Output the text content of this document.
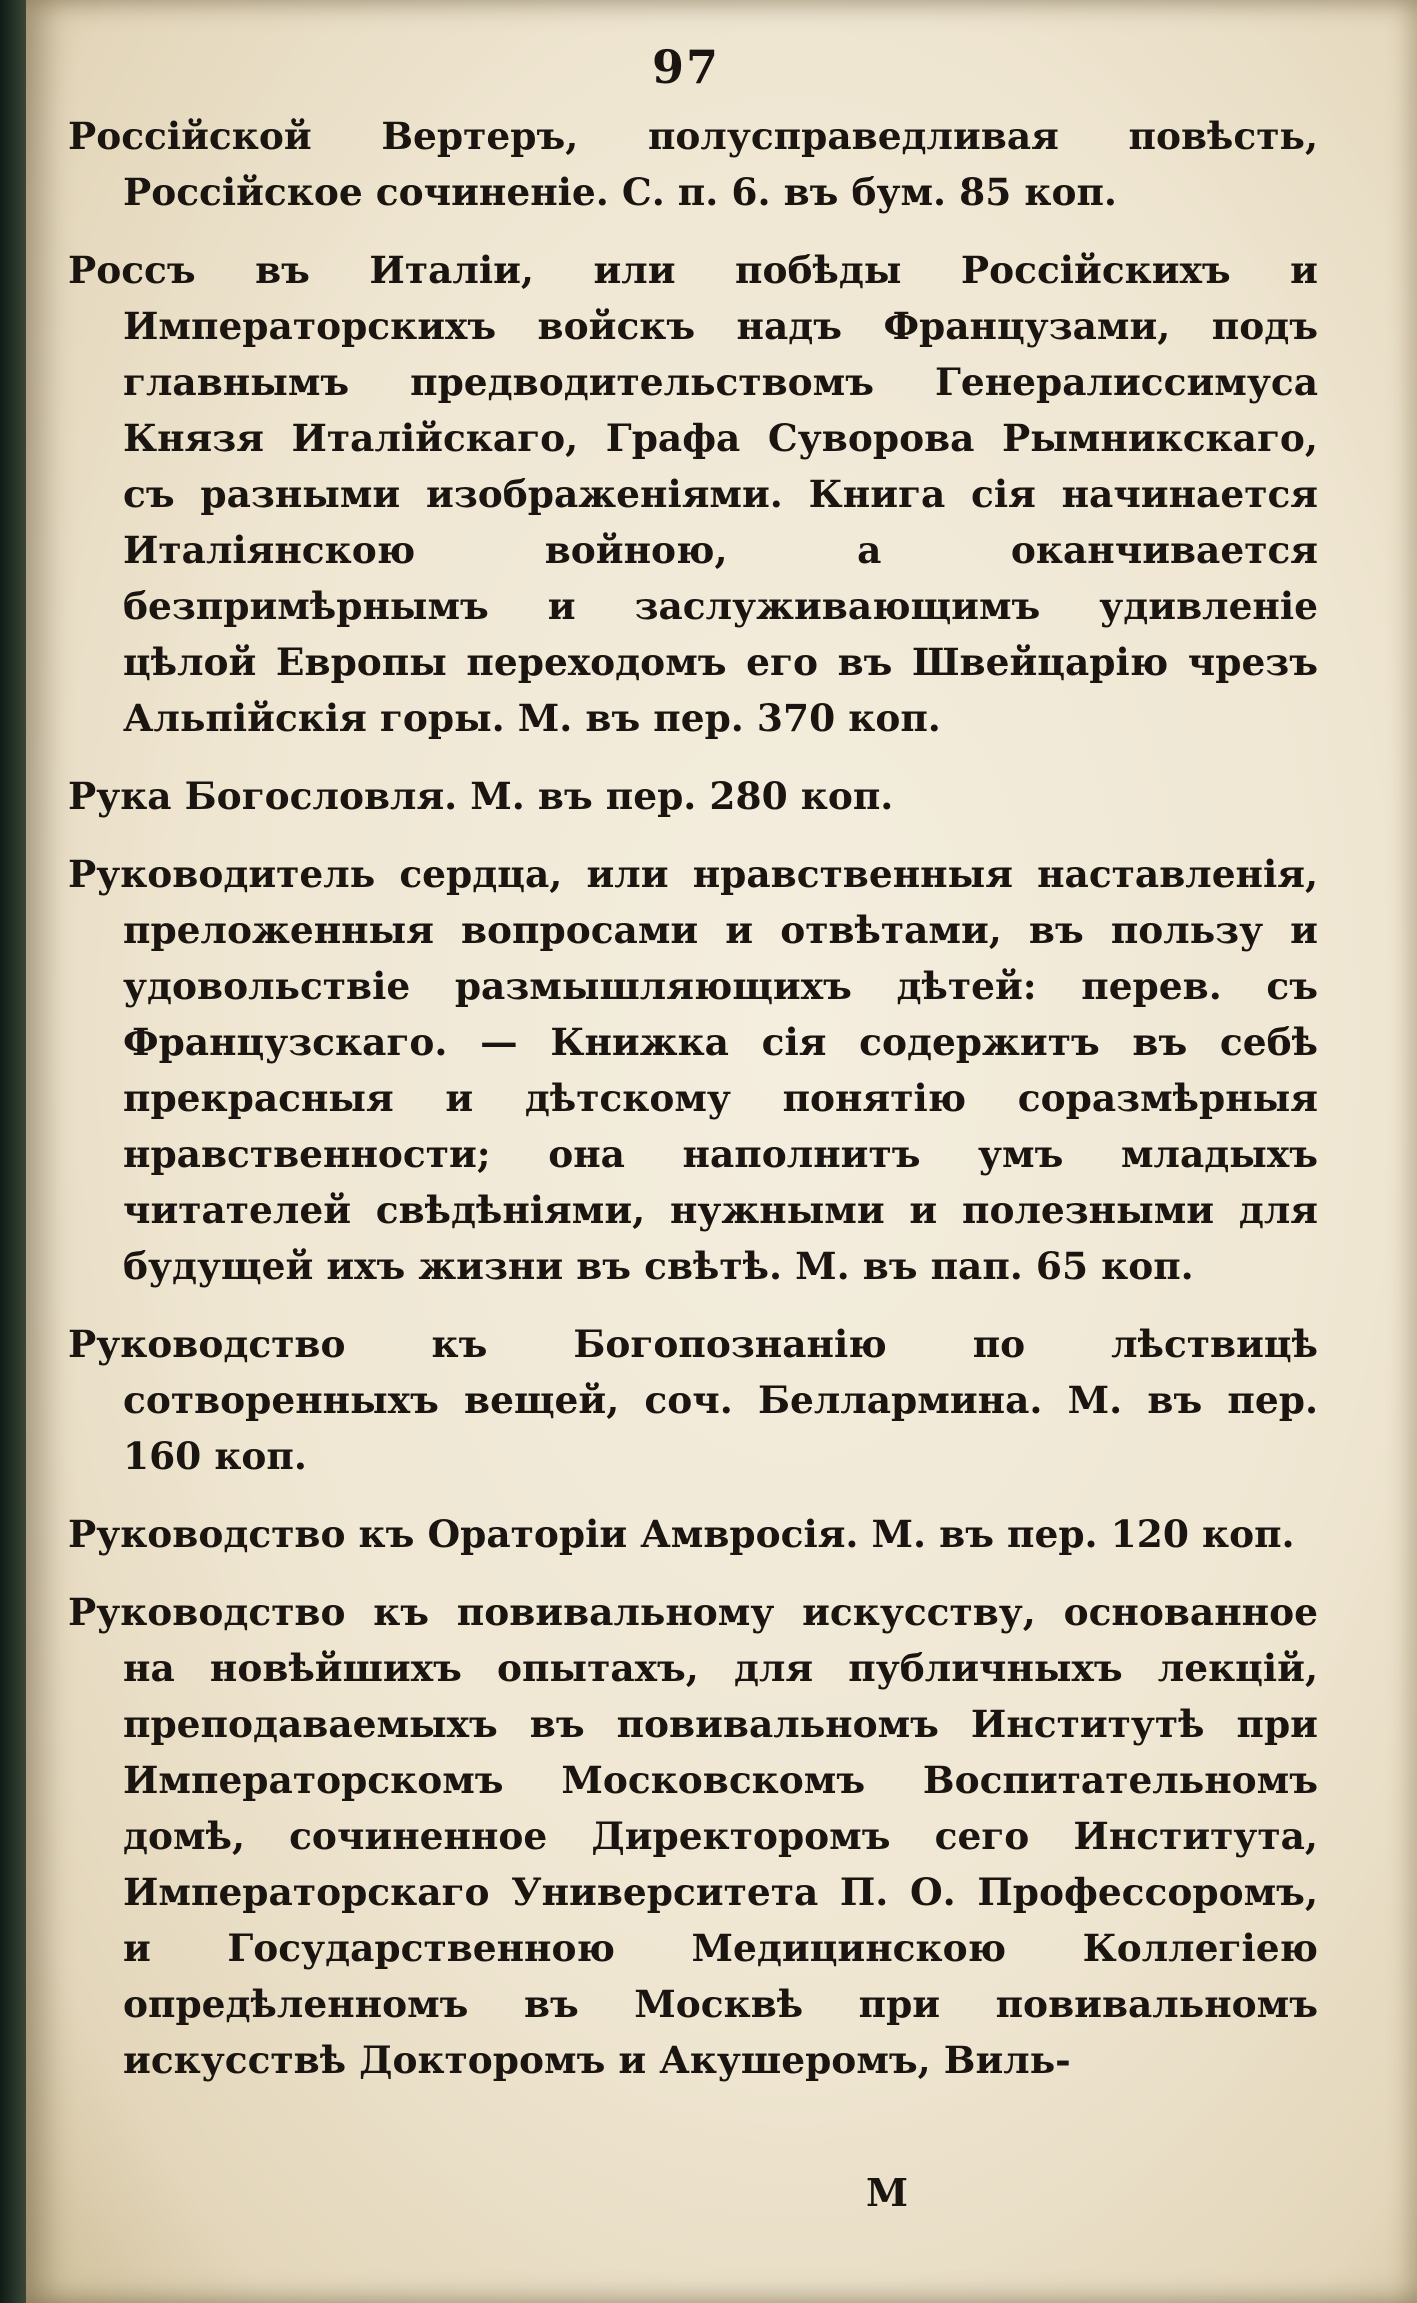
97

Россійской Вертеръ, полусправедливая повѣсть, Россійское сочиненіе. С. п. 6. въ бум. 85 коп.

Россъ въ Италіи, или побѣды Россійскихъ и Императорскихъ войскъ надъ Французами, подъ главнымъ предводительствомъ Генералиссимуса Князя Италійскаго, Графа Суворова Рымникскаго, съ разными изображеніями. Книга сія начинается Италіянскою войною, а оканчивается безпримѣрнымъ и заслуживающимъ удивленіе цѣлой Европы переходомъ его въ Швейцарію чрезъ Альпійскія горы. М. въ пер. 370 коп.

Рука Богословля. М. въ пер. 280 коп.

Руководитель сердца, или нравственныя наставленія, преложенныя вопросами и отвѣтами, въ пользу и удовольствіе размышляющихъ дѣтей: перев. съ Французскаго. — Книжка сія содержитъ въ себѣ прекрасныя и дѣтскому понятію соразмѣрныя нравственности; она наполнитъ умъ младыхъ читателей свѣдѣніями, нужными и полезными для будущей ихъ жизни въ свѣтѣ. М. въ пап. 65 коп.

Руководство къ Богопознанію по лѣствицѣ сотворенныхъ вещей, соч. Беллармина. М. въ пер. 160 коп.

Руководство къ Ораторіи Амвросія. М. въ пер. 120 коп.

Руководство къ повивальному искусству, основанное на новѣйшихъ опытахъ, для публичныхъ лекцій, преподаваемыхъ въ повивальномъ Институтѣ при Императорскомъ Московскомъ Воспитательномъ домѣ, сочиненное Директоромъ сего Института, Императорскаго Университета П. О. Профессоромъ, и Государственною Медицинскою Коллегіею опредѣленномъ въ Москвѣ при повивальномъ искусствѣ Докторомъ и Акушеромъ, Виль-

М
